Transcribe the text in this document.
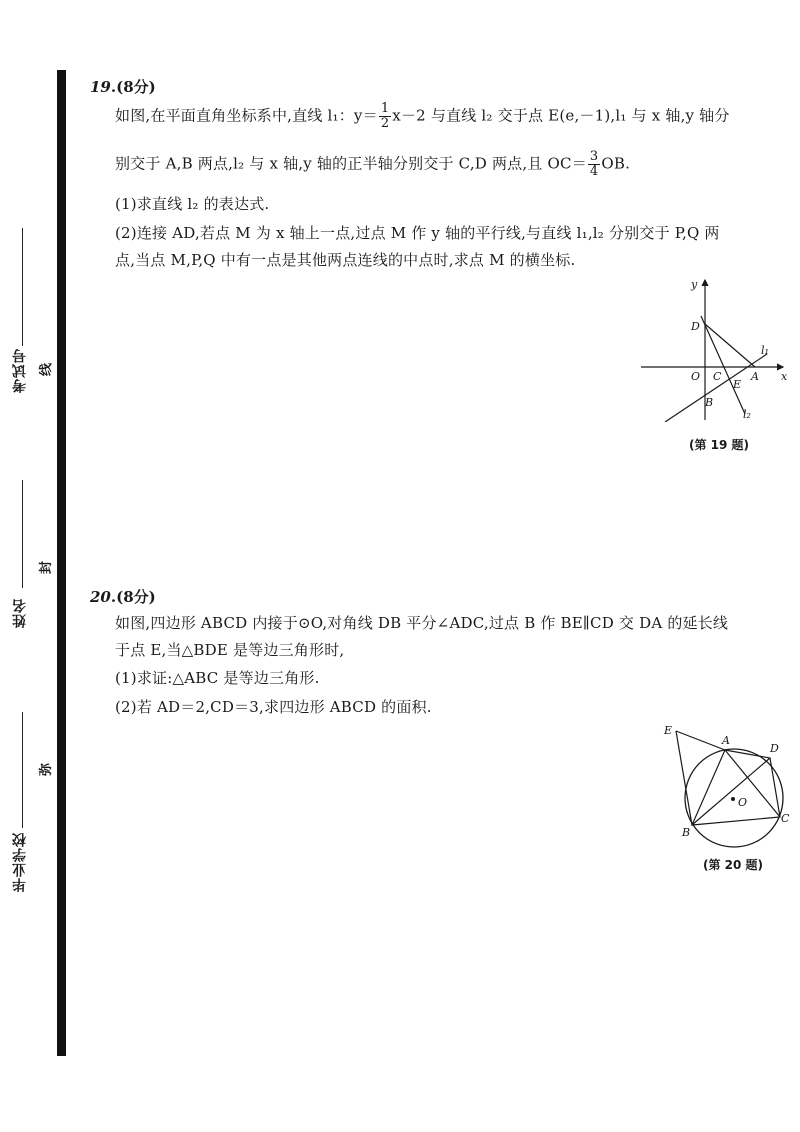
考试号
姓名
毕业学校
线
封
弥
19.(8分)
如图,在平面直角坐标系中,直线 l₁：$y= \frac{1}{2} x-2$ 与直线 l₂ 交于点 E(e,－1),l₁ 与 x 轴,y 轴分
别交于 A,B 两点,l₂ 与 x 轴,y 轴的正半轴分别交于 C,D 两点,且 $OC= \frac{3}{4}$ OB.
(1)求直线 l₂ 的表达式.
(2)连接 AD,若点 M 为 x 轴上一点,过点 M 作 y 轴的平行线,与直线 l₁,l₂ 分别交于 P,Q 两
点,当点 M,P,Q 中有一点是其他两点连线的中点时,求点 M 的横坐标.
y
x
D
O C	A
E
B
l₁
l₂
(第 19 题)
20.(8分)
如图,四边形 ABCD 内接于⊙O,对角线 DB 平分∠ADC,过点 B 作 BE∥CD 交 DA 的延长线
于点 E,当△BDE 是等边三角形时,
(1)求证:△ABC 是等边三角形.
(2)若 AD＝2,CD＝3,求四边形 ABCD 的面积.
E
A
D
O
B
C
(第 20 题)
